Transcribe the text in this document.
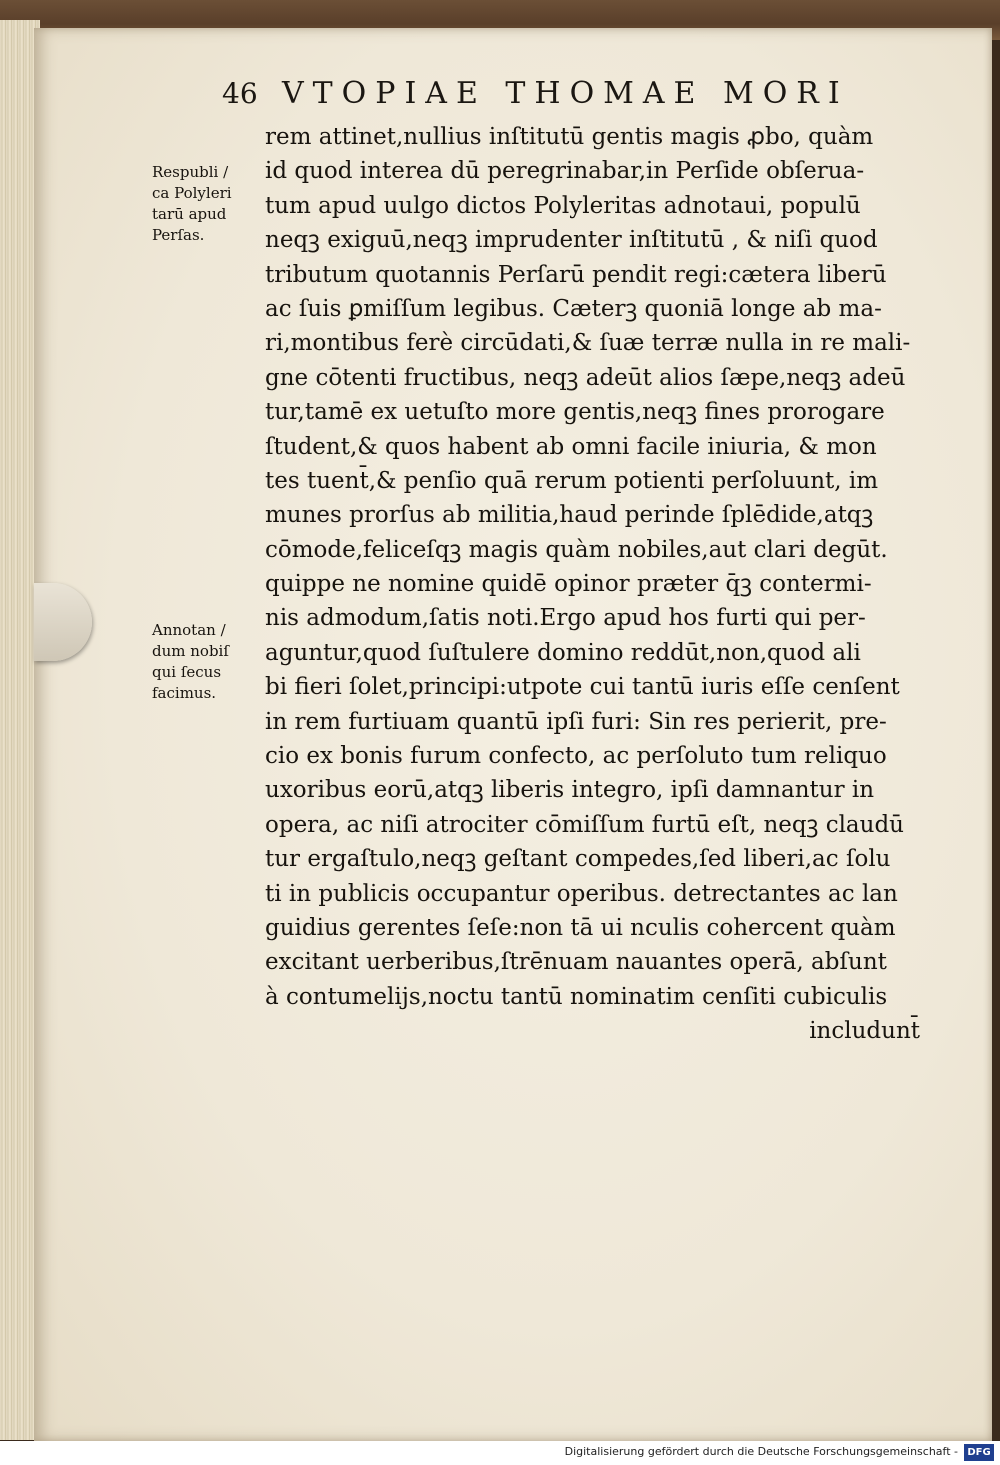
46 VTOPIAE THOMAE MORI
Respubli /
ca Polyleri
tarū apud
Perſas.
Annotan /
dum nobiſ
qui ſecus
facimus.
rem attinet,nullius inſtitutū gentis magis ꝓbo, quàm
id quod interea dū peregrinabar,in Perſide obſerua-
tum apud uulgo dictos Polyleritas adnotaui, populū
neqꝫ exiguū,neqꝫ imprudenter inſtitutū , & niſi quod
tributum quotannis Perſarū pendit regi:cætera liberū
ac ſuis ꝑmiſſum legibus. Cæterꝫ quoniā longe ab ma-
ri,montibus ferè circūdati,& ſuæ terræ nulla in re mali-
gne cōtenti fructibus, neqꝫ adeūt alios ſæpe,neqꝫ adeū
tur,tamē ex uetuſto more gentis,neqꝫ fines prorogare
ſtudent,& quos habent ab omni facile iniuria, & mon
tes tuent̄,& penſio quā rerum potienti perſoluunt, im
munes prorſus ab militia,haud perinde ſplēdide,atqꝫ
cōmode,feliceſqꝫ magis quàm nobiles,aut clari degūt.
quippe ne nomine quidē opinor præter q̄ꝫ contermi-
nis admodum,ſatis noti.Ergo apud hos furti qui per-
aguntur,quod ſuſtulere domino reddūt,non,quod ali
bi fieri ſolet,principi:utpote cui tantū iuris eſſe cenſent
in rem furtiuam quantū ipſi furi: Sin res perierit, pre-
cio ex bonis furum confecto, ac perſoluto tum reliquo
uxoribus eorū,atqꝫ liberis integro, ipſi damnantur in
opera, ac niſi atrociter cōmiſſum furtū eſt, neqꝫ claudū
tur ergaſtulo,neqꝫ geſtant compedes,ſed liberi,ac ſolu
ti in publicis occupantur operibus. detrectantes ac lan
guidius gerentes ſeſe:non tā ui nculis cohercent quàm
excitant uerberibus,ſtrēnuam nauantes operā, abſunt
à contumelijs,noctu tantū nominatim cenſiti cubiculis
includunt̄
Digitalisierung gefördert durch die Deutsche Forschungsgemeinschaft - DFG
